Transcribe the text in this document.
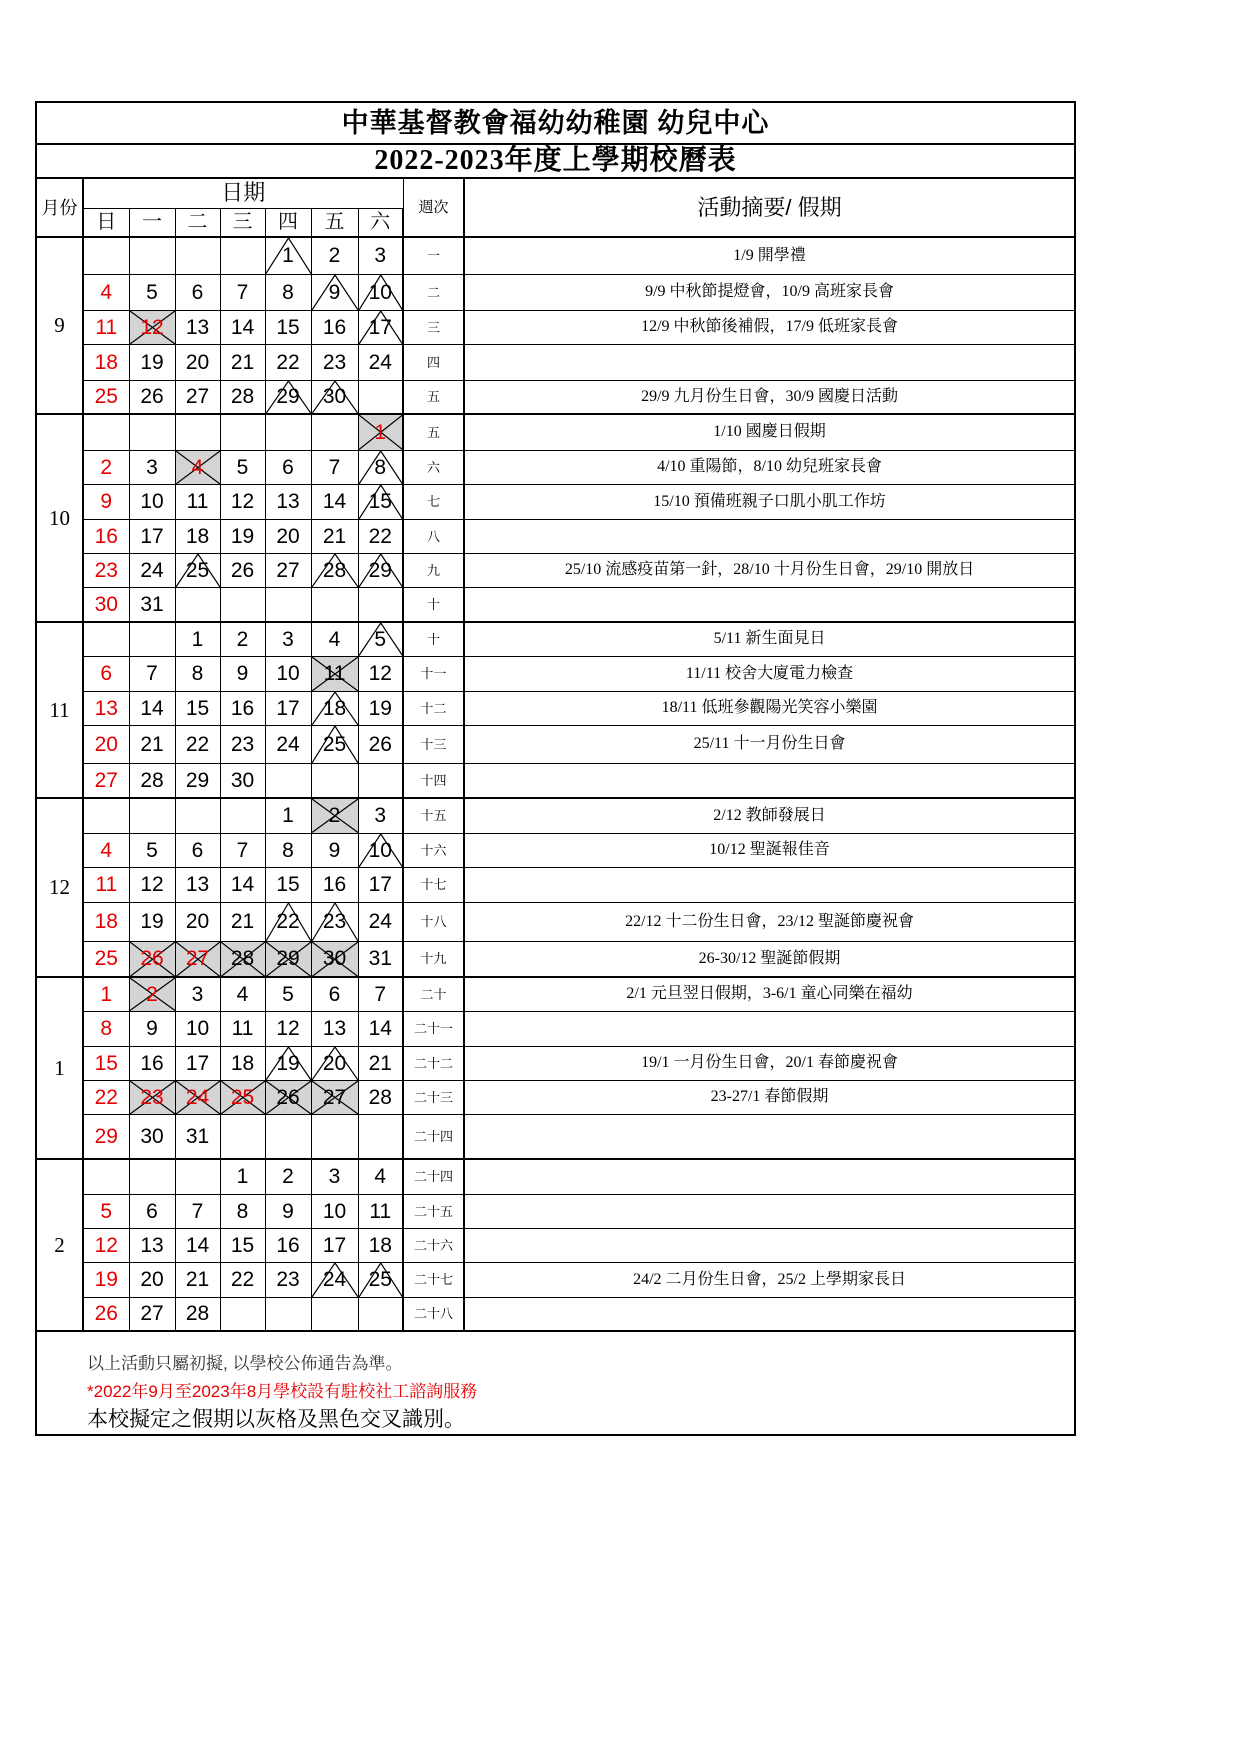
中華基督教會福幼幼稚園 幼兒中心									
2022-2023年度上學期校曆表									
月份	日期							週次	活動摘要/ 假期
	日	一	二	三	四	五	六		
9					1	2	3	一	1/9 開學禮
	4	5	6	7	8	9	10	二	9/9 中秋節提燈會，10/9 高班家長會
	11	12	13	14	15	16	17	三	12/9 中秋節後補假，17/9 低班家長會
	18	19	20	21	22	23	24	四	
	25	26	27	28	29	30		五	29/9 九月份生日會，30/9 國慶日活動
10							1	五	1/10 國慶日假期
	2	3	4	5	6	7	8	六	4/10 重陽節，8/10 幼兒班家長會
	9	10	11	12	13	14	15	七	15/10 預備班親子口肌小肌工作坊
	16	17	18	19	20	21	22	八	
	23	24	25	26	27	28	29	九	25/10 流感疫苗第一針，28/10 十月份生日會，29/10 開放日
	30	31						十	
11			1	2	3	4	5	十	5/11 新生面見日
	6	7	8	9	10	11	12	十一	11/11 校舍大廈電力檢查
	13	14	15	16	17	18	19	十二	18/11 低班參觀陽光笑容小樂園
	20	21	22	23	24	25	26	十三	25/11 十一月份生日會
	27	28	29	30				十四	
12					1	2	3	十五	2/12 教師發展日
	4	5	6	7	8	9	10	十六	10/12 聖誕報佳音
	11	12	13	14	15	16	17	十七	
	18	19	20	21	22	23	24	十八	22/12 十二份生日會，23/12 聖誕節慶祝會
	25	26	27	28	29	30	31	十九	26-30/12 聖誕節假期
1	1	2	3	4	5	6	7	二十	2/1 元旦翌日假期，3-6/1 童心同樂在福幼
	8	9	10	11	12	13	14	二十一	
	15	16	17	18	19	20	21	二十二	19/1 一月份生日會，20/1 春節慶祝會
	22	23	24	25	26	27	28	二十三	23-27/1 春節假期
	29	30	31					二十四	
2				1	2	3	4	二十四	
	5	6	7	8	9	10	11	二十五	
	12	13	14	15	16	17	18	二十六	
	19	20	21	22	23	24	25	二十七	24/2 二月份生日會，25/2 上學期家長日
	26	27	28					二十八	

以上活動只屬初擬, 以學校公佈通告為準。
*2022年9月至2023年8月學校設有駐校社工諮詢服務
本校擬定之假期以灰格及黑色交叉識別。									
